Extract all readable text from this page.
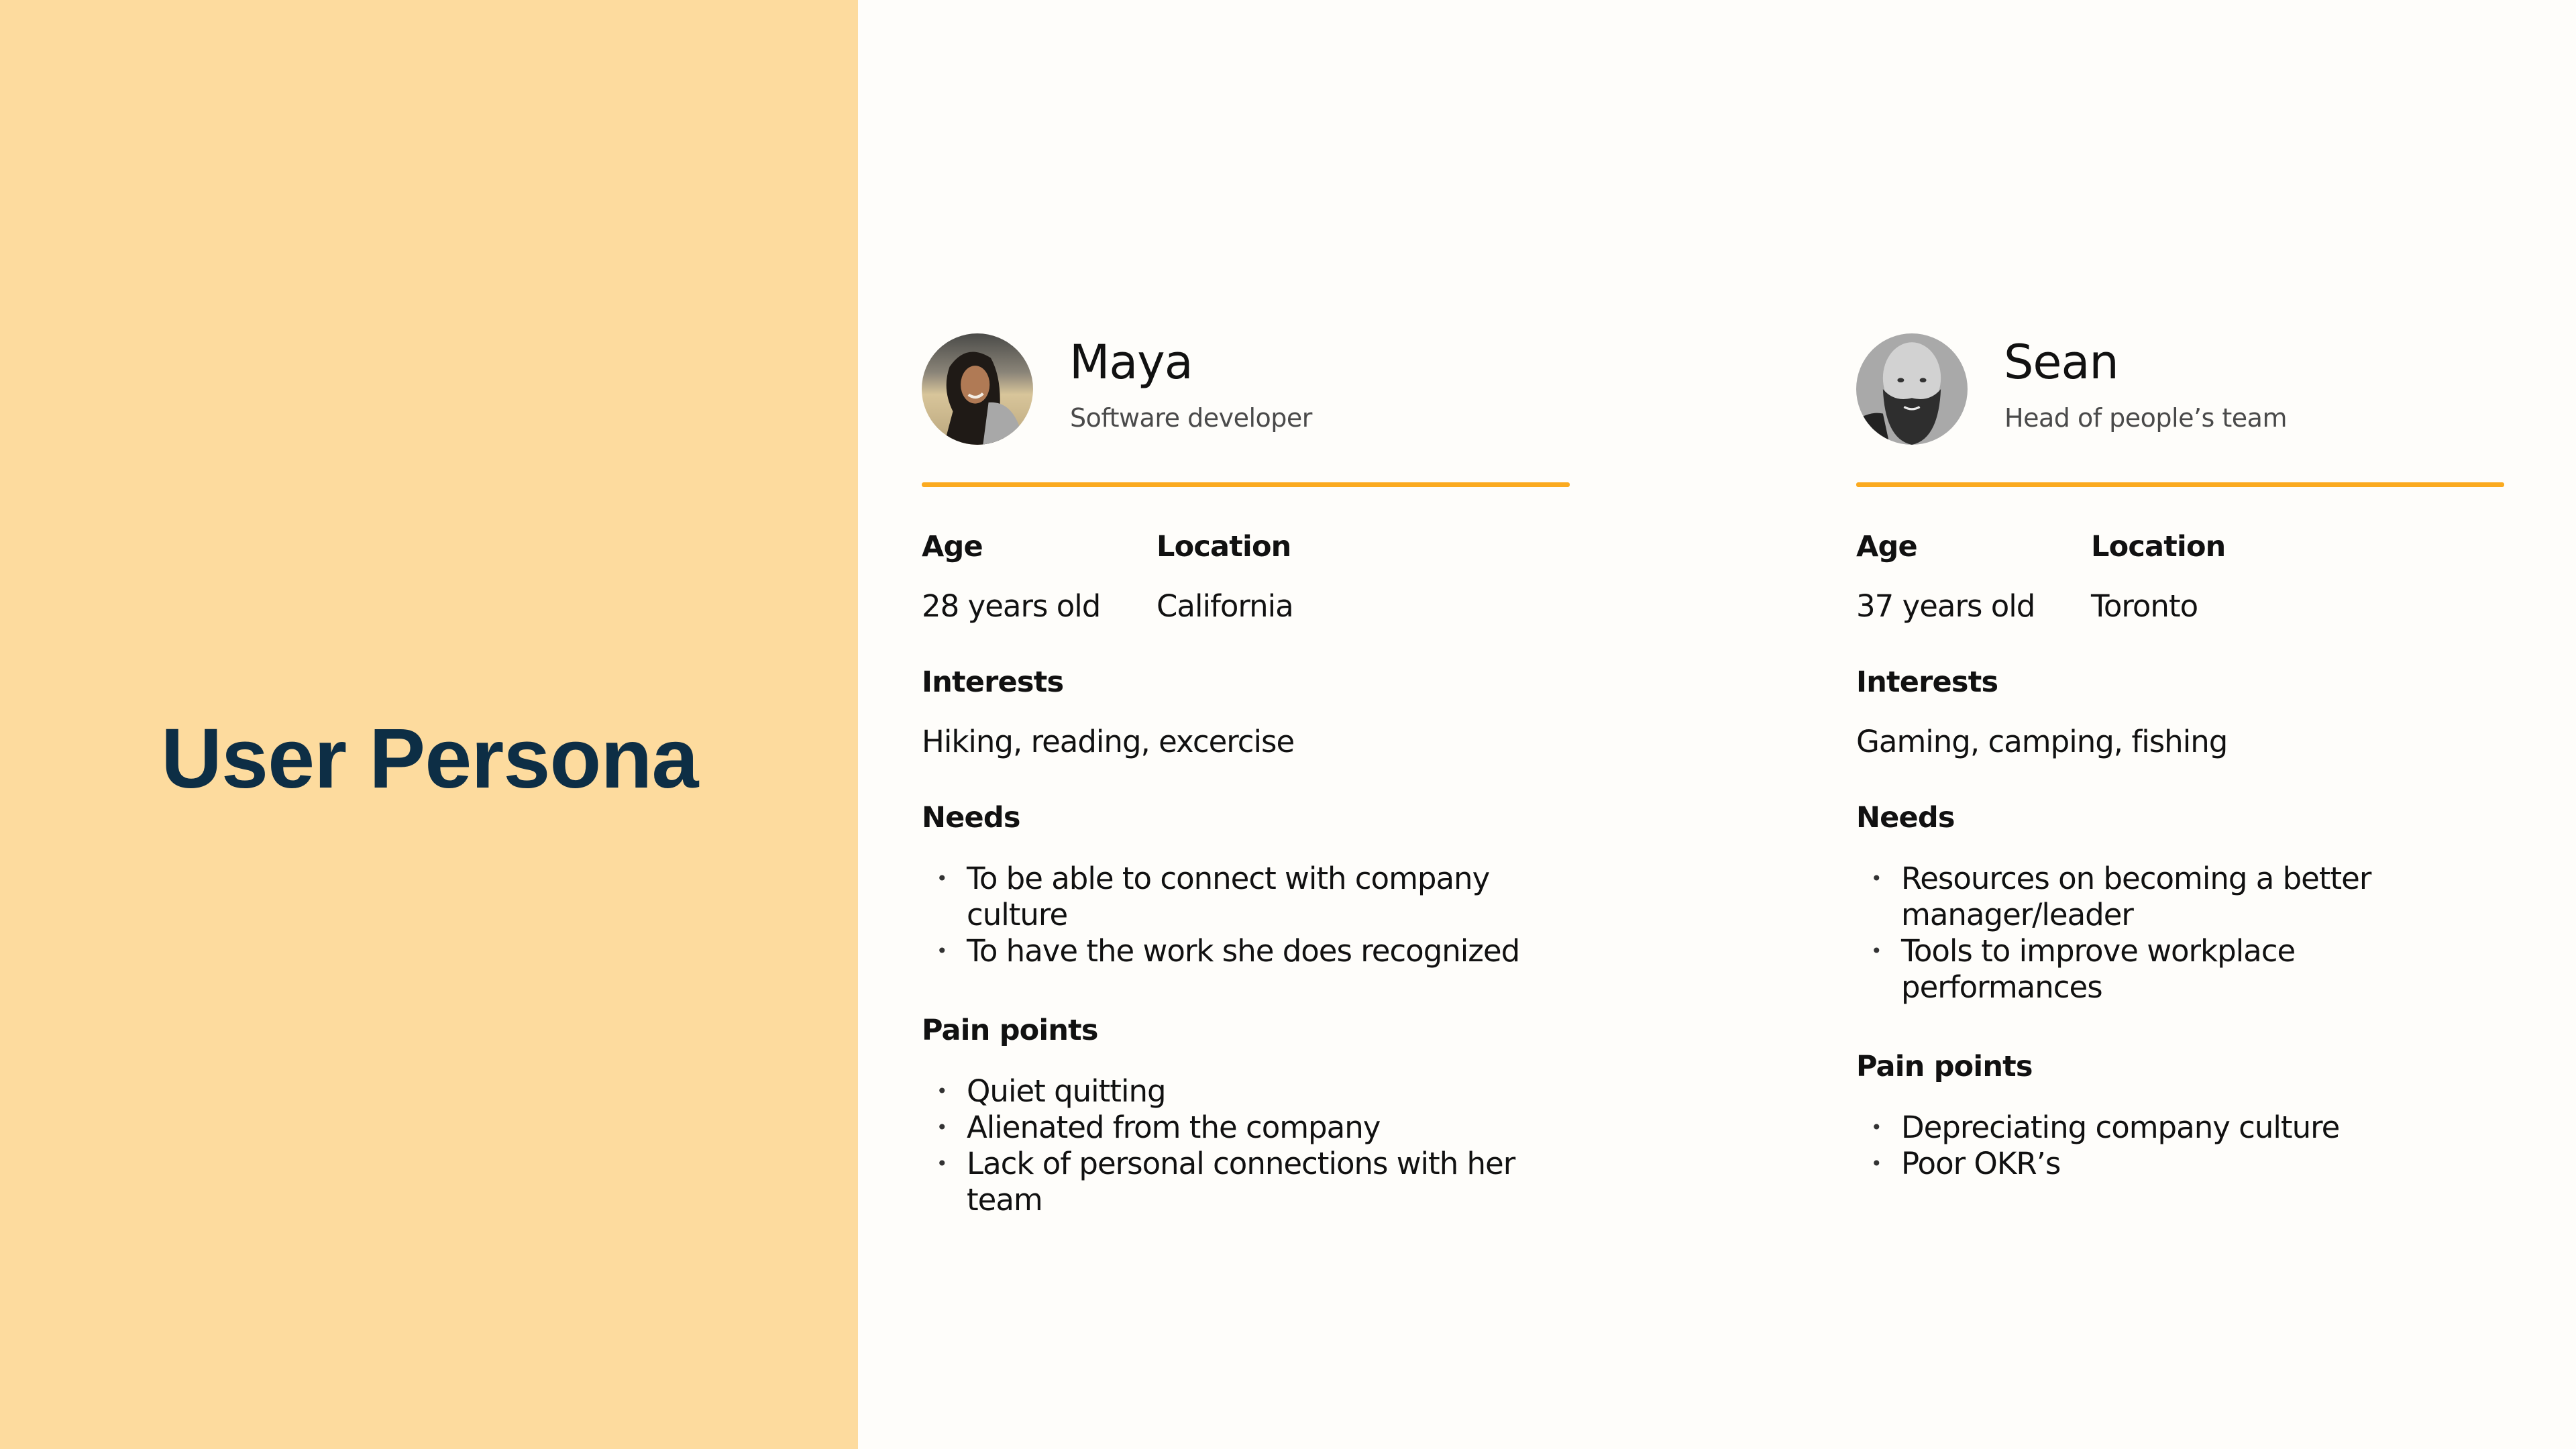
User Persona
Maya
Software developer
Age
28 years old
Location
California
Interests
Hiking, reading, excercise
Needs
• To be able to connect with company culture
• To have the work she does recognized
Pain points
• Quiet quitting
• Alienated from the company
• Lack of personal connections with her team
Sean
Head of people’s team
Age
37 years old
Location
Toronto
Interests
Gaming, camping, fishing
Needs
• Resources on becoming a better manager/leader
• Tools to improve workplace performances
Pain points
• Depreciating company culture
• Poor OKR’s
